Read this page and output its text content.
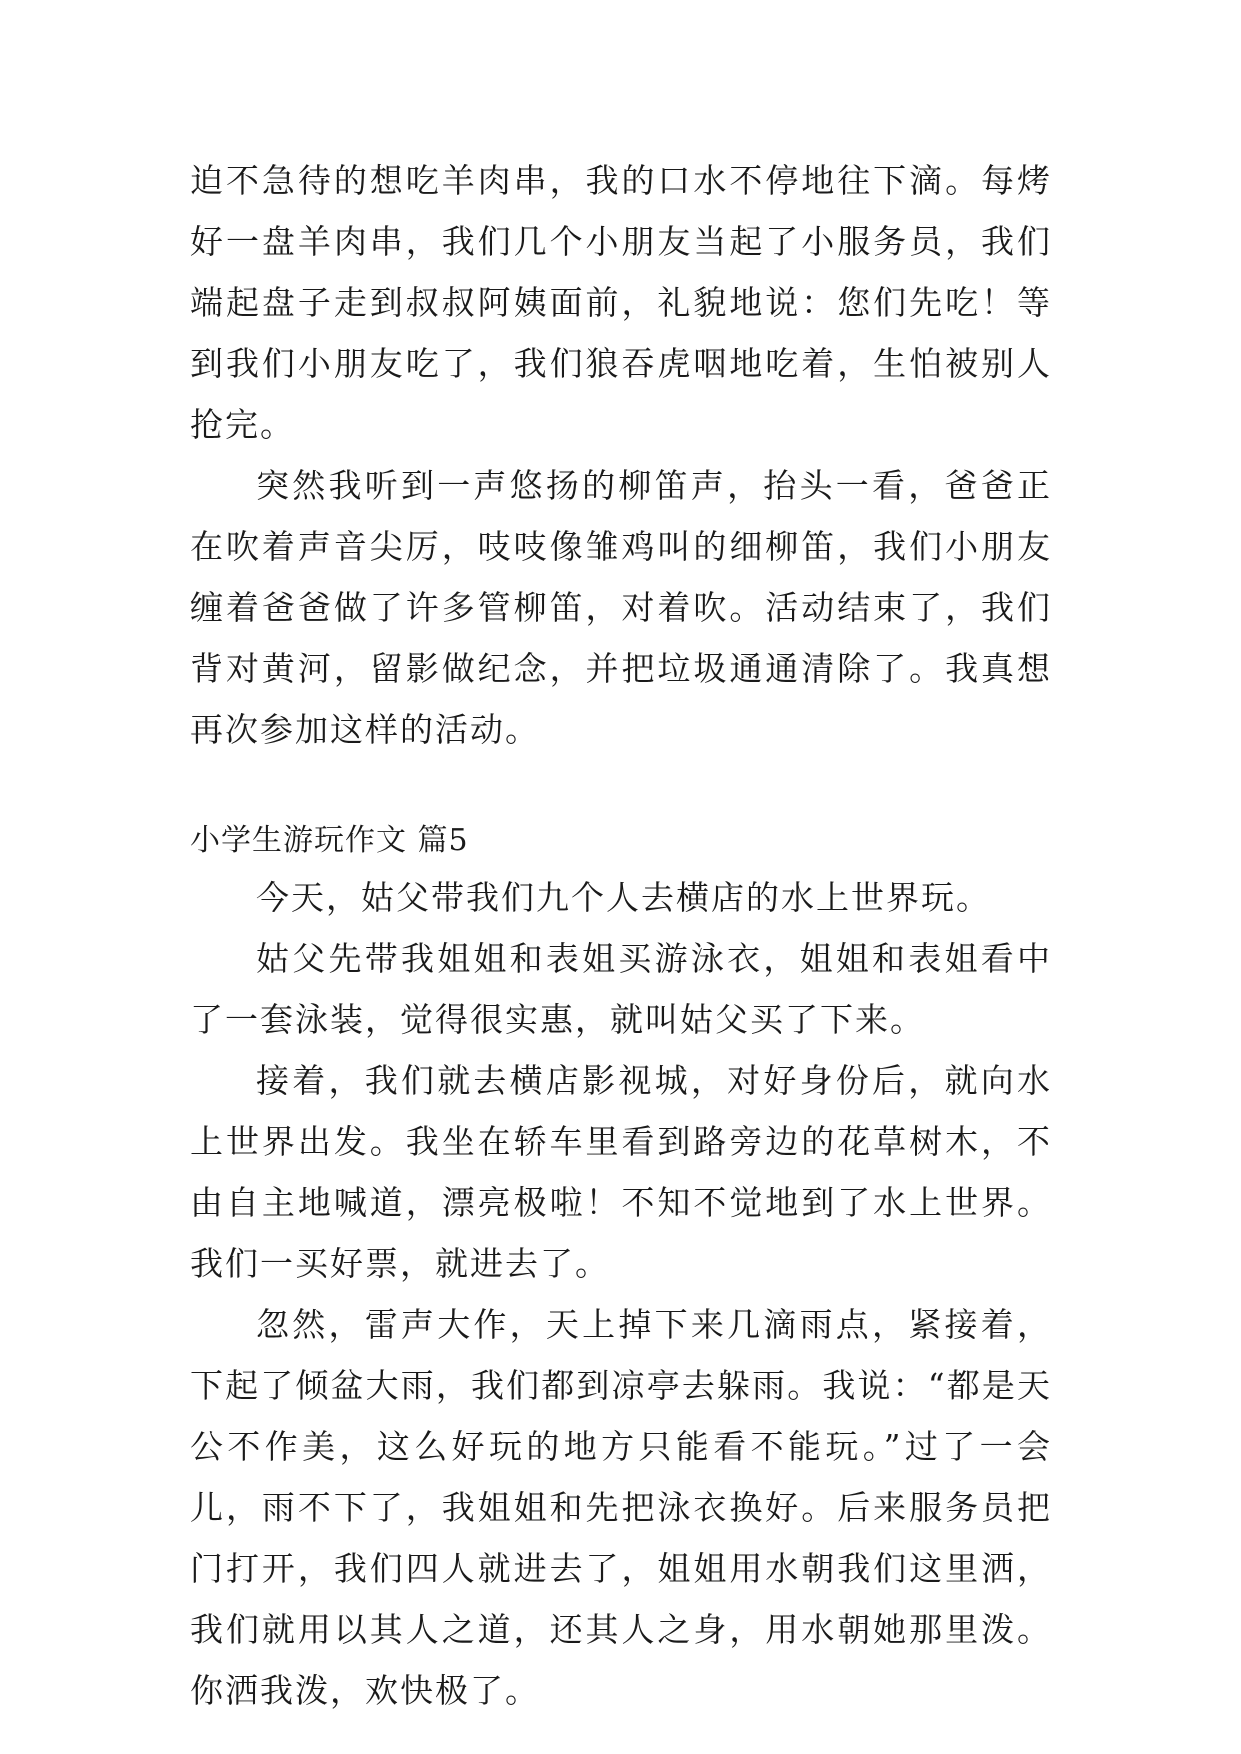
迫不急待的想吃羊肉串，我的口水不停地往下滴。每烤好一盘羊肉串，我们几个小朋友当起了小服务员，我们端起盘子走到叔叔阿姨面前，礼貌地说：您们先吃！等到我们小朋友吃了，我们狼吞虎咽地吃着，生怕被别人抢完。

突然我听到一声悠扬的柳笛声，抬头一看，爸爸正在吹着声音尖厉，吱吱像雏鸡叫的细柳笛，我们小朋友缠着爸爸做了许多管柳笛，对着吹。活动结束了，我们背对黄河，留影做纪念，并把垃圾通通清除了。我真想再次参加这样的活动。

小学生游玩作文 篇5

今天，姑父带我们九个人去横店的水上世界玩。

姑父先带我姐姐和表姐买游泳衣，姐姐和表姐看中了一套泳装，觉得很实惠，就叫姑父买了下来。

接着，我们就去横店影视城，对好身份后，就向水上世界出发。我坐在轿车里看到路旁边的花草树木，不由自主地喊道，漂亮极啦！不知不觉地到了水上世界。我们一买好票，就进去了。

忽然，雷声大作，天上掉下来几滴雨点，紧接着，下起了倾盆大雨，我们都到凉亭去躲雨。我说：“都是天公不作美，这么好玩的地方只能看不能玩。”过了一会儿，雨不下了，我姐姐和先把泳衣换好。后来服务员把门打开，我们四人就进去了，姐姐用水朝我们这里洒，我们就用以其人之道，还其人之身，用水朝她那里泼。你洒我泼，欢快极了。
